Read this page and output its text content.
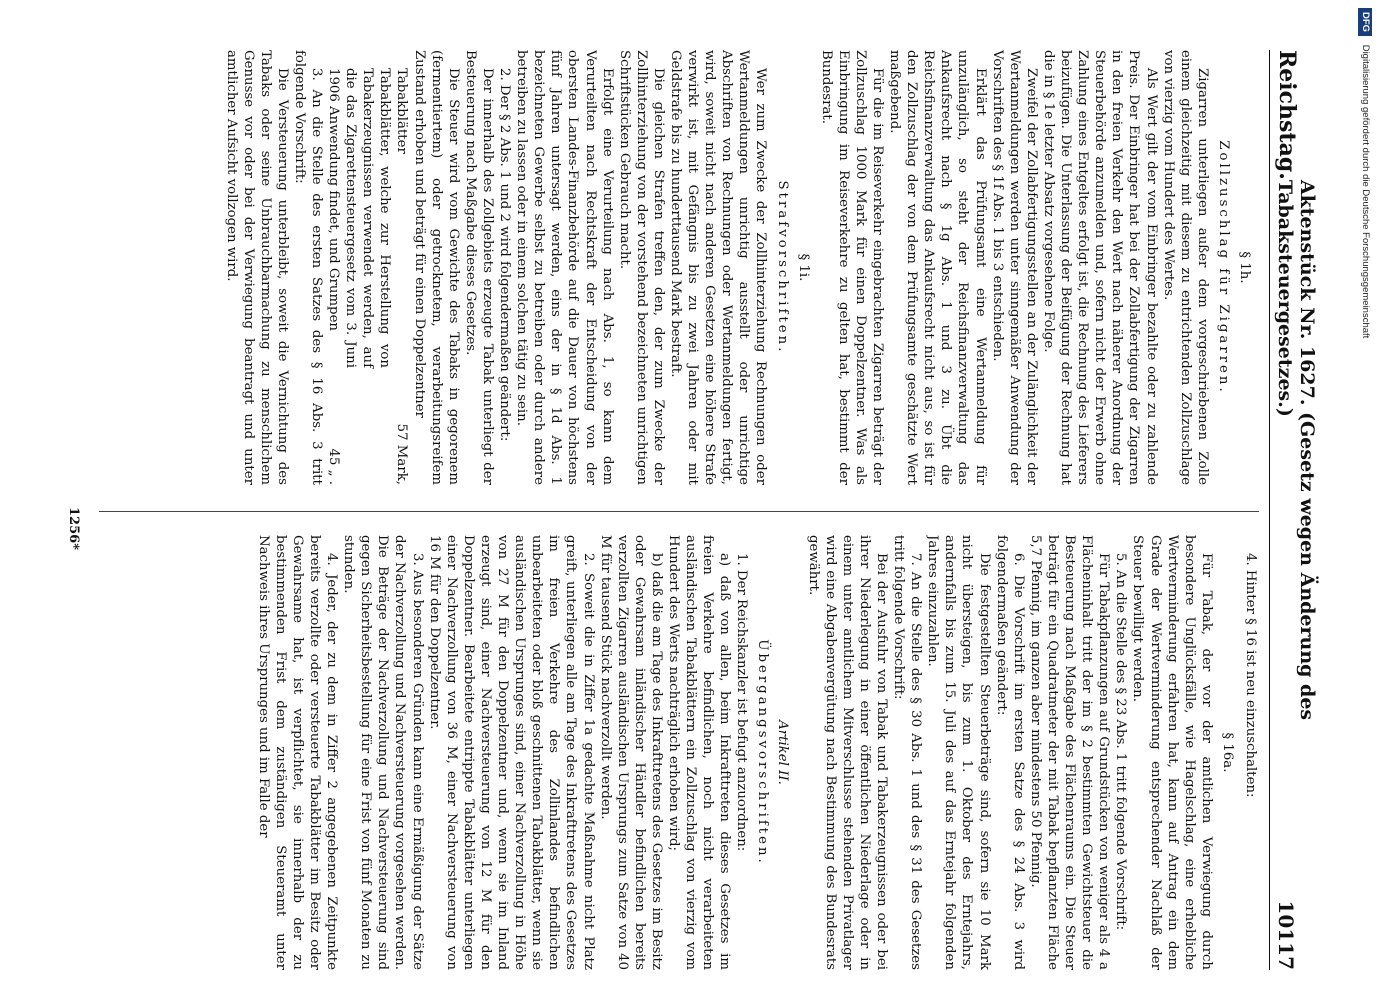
Reichstag.
Aktenstück Nr. 1627. (Gesetz wegen Änderung des Tabaksteuergesetzes.)
10117
§ 1h.
Zollzuschlag für Zigarren.

Zigarren unterliegen außer dem vorgeschriebenen Zolle einem gleichzeitig mit diesem zu entrichtenden Zollzuschlage von vierzig vom Hundert des Wertes.

Als Wert gilt der vom Einbringer bezahlte oder zu zahlende Preis. Der Einbringer hat bei der Zollabfertigung der Zigarren in den freien Verkehr den Wert nach näherer Anordnung der Steuerbehörde anzumelden und, sofern nicht der Erwerb ohne Zahlung eines Entgeltes erfolgt ist, die Rechnung des Lieferers beizufügen. Die Unterlassung der Beifügung der Rechnung hat die in § 1e letzter Absatz vorgesehene Folge.

Zweifel der Zollabfertigungsstellen an der Zulänglichkeit der Wertanmeldungen werden unter sinngemäßer Anwendung der Vorschriften des § 1f Abs. 1 bis 3 entschieden.

Erklärt das Prüfungsamt eine Wertanmeldung für unzulänglich, so steht der Reichsfinanzverwaltung das Ankaufsrecht nach § 1g Abs. 1 und 3 zu. Übt die Reichsfinanzverwaltung das Ankaufsrecht nicht aus, so ist für den Zollzuschlag der von dem Prüfungsamte geschätzte Wert maßgebend.

Für die im Reiseverkehr eingebrachten Zigarren beträgt der Zollzuschlag 1000 Mark für einen Doppelzentner. Was als Einbringung im Reiseverkehre zu gelten hat, bestimmt der Bundesrat.

§ 1i.
Strafvorschriften.

Wer zum Zwecke der Zollhinterziehung Rechnungen oder Wertanmeldungen unrichtig ausstellt oder unrichtige Abschriften von Rechnungen oder Wertanmeldungen fertigt, wird, soweit nicht nach anderen Gesetzen eine höhere Strafe verwirkt ist, mit Gefängnis bis zu zwei Jahren oder mit Geldstrafe bis zu hunderttausend Mark bestraft.

Die gleichen Strafen treffen den, der zum Zwecke der Zollhinterziehung von der vorstehend bezeichneten unrichtigen Schriftstücken Gebrauch macht.

Erfolgt eine Verurteilung nach Abs. 1, so kann dem Verurteilten nach Rechtskraft der Entscheidung von der obersten Landes-Finanzbehörde auf die Dauer von höchstens fünf Jahren untersagt werden, eins der in § 1d Abs. 1 bezeichneten Gewerbe selbst zu betreiben oder durch andere betreiben zu lassen oder in einem solchen tätig zu sein.

2. Der § 2 Abs. 1 und 2 wird folgendermaßen geändert:

Der innerhalb des Zollgebiets erzeugte Tabak unterliegt der Besteuerung nach Maßgabe dieses Gesetzes.

Die Steuer wird vom Gewichte des Tabaks in gegorenem (fermentiertem) oder getrocknetem, verarbeitungsreifem Zustand erhoben und beträgt für einen Doppelzentner

Tabakblätter
57 Mark,
Tabakblätter, welche zur Herstellung von Tabakerzeugnissen verwendet werden, auf die das Zigarettensteuergesetz vom 3. Juni 1906 Anwendung findet, und Grumpen
45 „ .

3. An die Stelle des ersten Satzes des § 16 Abs. 3 tritt folgende Vorschrift:

Die Versteuerung unterbleibt, soweit die Vernichtung des Tabaks oder seine Unbrauchbarmachung zu menschlichem Genusse vor oder bei der Verwiegung beantragt und unter amtlicher Aufsicht vollzogen wird.

4. Hinter § 16 ist neu einzuschalten:

§ 16a.

Für Tabak, der vor der amtlichen Verwiegung durch besondere Unglücksfälle, wie Hagelschlag, eine erhebliche Wertverminderung erfahren hat, kann auf Antrag ein dem Grade der Wertverminderung entsprechender Nachlaß der Steuer bewilligt werden.

5. An die Stelle des § 23 Abs. 1 tritt folgende Vorschrift:

Für Tabakpflanzungen auf Grundstücken von weniger als 4 a Flächeninhalt tritt der im § 2 bestimmten Gewichtsteuer die Besteuerung nach Maßgabe des Flächenraums ein. Die Steuer beträgt für ein Quadratmeter der mit Tabak bepflanzten Fläche 5,7 Pfennig, im ganzen aber mindestens 50 Pfennig.

6. Die Vorschrift im ersten Satze des § 24 Abs. 3 wird folgendermaßen geändert:

Die festgestellten Steuerbeträge sind, sofern sie 10 Mark nicht übersteigen, bis zum 1. Oktober des Erntejahrs, andernfalls bis zum 15. Juli des auf das Erntejahr folgenden Jahres einzuzahlen.

7. An die Stelle des § 30 Abs. 1 und des § 31 des Gesetzes tritt folgende Vorschrift:

Bei der Ausfuhr von Tabak und Tabakerzeugnissen oder bei ihrer Niederlegung in einer öffentlichen Niederlage oder in einem unter amtlichem Mitverschlusse stehenden Privatlager wird eine Abgabenvergütung nach Bestimmung des Bundesrats gewährt.

Artikel II.
Übergangsvorschriften.

1. Der Reichskanzler ist befugt anzuordnen:

a) daß von allen, beim Inkrafttreten dieses Gesetzes im freien Verkehre befindlichen, noch nicht verarbeiteten ausländischen Tabakblättern ein Zollzuschlag von vierzig vom Hundert des Werts nachträglich erhoben wird;

b) daß die am Tage des Inkrafttretens des Gesetzes im Besitz oder Gewahrsam inländischer Händler befindlichen bereits verzollten Zigarren ausländischen Ursprungs zum Satze von 40 M für tausend Stück nachverzollt werden.

2. Soweit die in Ziffer 1a gedachte Maßnahme nicht Platz greift, unterliegen alle am Tage des Inkrafttretens des Gesetzes im freien Verkehre des Zollinlandes befindlichen unbearbeiteten oder bloß geschnittenen Tabakblätter, wenn sie ausländischen Ursprunges sind, einer Nachverzollung in Höhe von 27 M für den Doppelzentner und, wenn sie im Inland erzeugt sind, einer Nachversteuerung von 12 M für den Doppelzentner. Bearbeitete entrippte Tabakblätter unterliegen einer Nachverzollung von 36 M, einer Nachversteuerung von 16 M für den Doppelzentner.

3. Aus besonderen Gründen kann eine Ermäßigung der Sätze der Nachverzollung und Nachversteuerung vorgesehen werden. Die Beträge der Nachverzollung und Nachversteuerung sind gegen Sicherheitsbestellung für eine Frist von fünf Monaten zu stunden.

4. Jeder, der zu dem in Ziffer 2 angegebenen Zeitpunkte bereits verzollte oder versteuerte Tabakblätter im Besitz oder Gewahrsame hat, ist verpflichtet, sie innerhalb der zu bestimmenden Frist dem zuständigen Steueramt unter Nachweis ihres Ursprunges und im Falle der

1256*
DFG Digitalisierung gefördert durch die Deutsche Forschungsgemeinschaft
